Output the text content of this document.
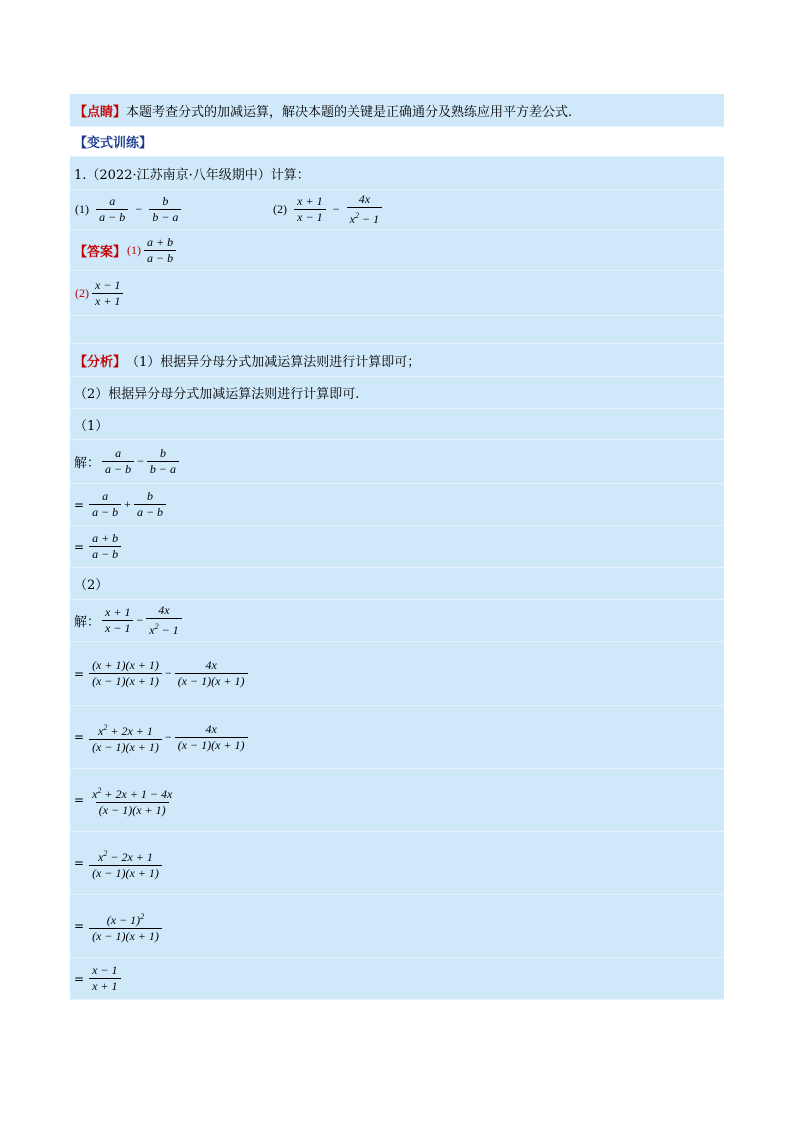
【点睛】 本题考查分式的加减运算，解决本题的关键是正确通分及熟练应用平方差公式.
【变式训练】
1.（2022·江苏南京·八年级期中）计算：
$(1) \frac{a}{a - b} - \frac{b}{b - a}$	$(2) \frac{x + 1}{x - 1} - \frac{4x}{x^2 - 1}$
【答案】 $(1) \frac{a + b}{a - b}$
$(2) \frac{x - 1}{x + 1}$
【分析】 （1）根据异分母分式加减运算法则进行计算即可；
（2）根据异分母分式加减运算法则进行计算即可.
（1）
解： $\frac{a}{a - b} - \frac{b}{b - a}$
= $\frac{a}{a - b} + \frac{b}{a - b}$
= $\frac{a + b}{a - b}$
（2）
解： $\frac{x + 1}{x - 1} - \frac{4x}{x^2 - 1}$
= $\frac{(x + 1)(x + 1)}{(x - 1)(x + 1)} - \frac{4x}{(x - 1)(x + 1)}$
= $\frac{x^2 + 2x + 1}{(x - 1)(x + 1)} - \frac{4x}{(x - 1)(x + 1)}$
= $\frac{x^2 + 2x + 1 - 4x}{(x - 1)(x + 1)}$
= $\frac{x^2 - 2x + 1}{(x - 1)(x + 1)}$
= $\frac{(x - 1)^2}{(x - 1)(x + 1)}$
= $\frac{x - 1}{x + 1}$
